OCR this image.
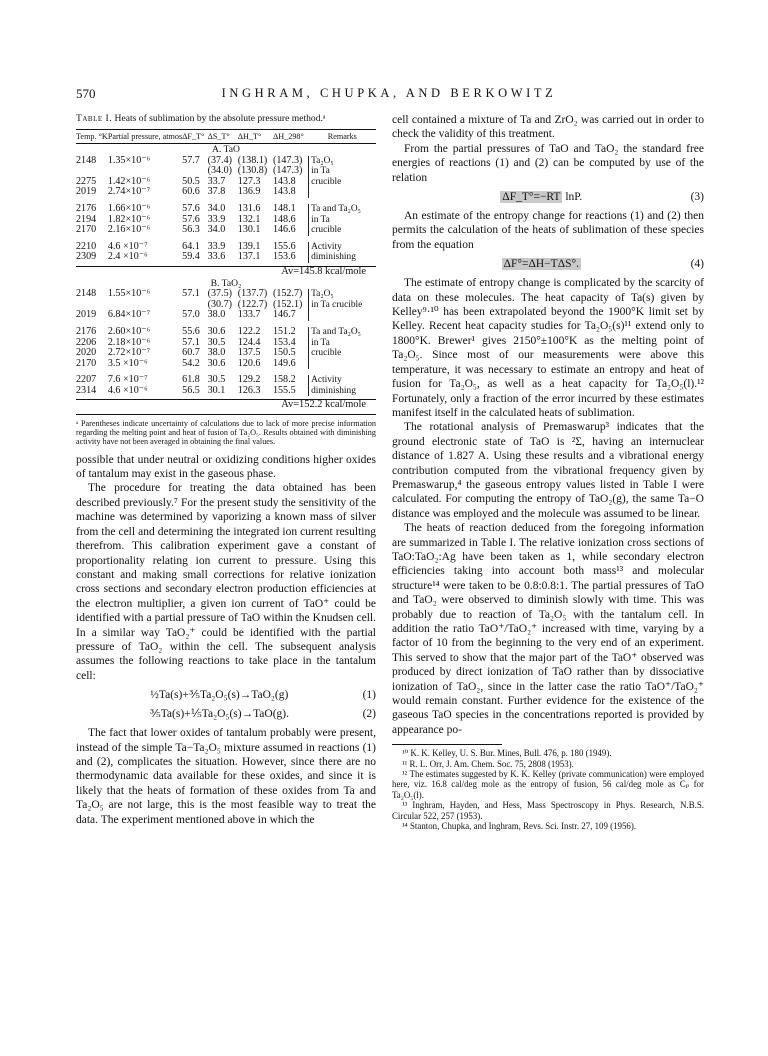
570	INGHRAM, CHUPKA, AND BERKOWITZ
Table I. Heats of sublimation by the absolute pressure method.ᵃ
Temp. °K	Partial pressure, atmos	ΔF_T°	ΔS_T°	ΔH_T°	ΔH_298°	Remarks
A. TaO						
2148	1.35×10⁻⁶	57.7	(37.4)	(138.1)	(147.3)	Ta₂O₅
			(34.0)	(130.8)	(147.3)	in Ta
2275	1.42×10⁻⁶	50.5	33.7	127.3	143.8	crucible
2019	2.74×10⁻⁷	60.6	37.8	136.9	143.8	

2176	1.66×10⁻⁶	57.6	34.0	131.6	148.1	Ta and Ta₂O₅
2194	1.82×10⁻⁶	57.6	33.9	132.1	148.6	in Ta
2170	2.16×10⁻⁶	56.3	34.0	130.1	146.6	crucible

2210	4.6 ×10⁻⁷	64.1	33.9	139.1	155.6	Activity
2309	2.4 ×10⁻⁶	59.4	33.6	137.1	153.6	diminishing

Av=145.8 kcal/mole						
B. TaO₂						
2148	1.55×10⁻⁶	57.1	(37.5)	(137.7)	(152.7)	Ta₂O₅
			(30.7)	(122.7)	(152.1)	in Ta crucible
2019	6.84×10⁻⁷	57.0	38.0	133.7	146.7	

2176	2.60×10⁻⁶	55.6	30.6	122.2	151.2	Ta and Ta₂O₅
2206	2.18×10⁻⁶	57.1	30.5	124.4	153.4	in Ta
2020	2.72×10⁻⁷	60.7	38.0	137.5	150.5	crucible
2170	3.5 ×10⁻⁶	54.2	30.6	120.6	149.6	

2207	7.6 ×10⁻⁷	61.8	30.5	129.2	158.2	Activity
2314	4.6 ×10⁻⁶	56.5	30.1	126.3	155.5	diminishing

Av=152.2 kcal/mole						

ᵃ Parentheses indicate uncertainty of calculations due to lack of more precise information regarding the melting point and heat of fusion of Ta₂O₅. Results obtained with diminishing activity have not been averaged in obtaining the final values.

possible that under neutral or oxidizing conditions higher oxides of tantalum may exist in the gaseous phase.

The procedure for treating the data obtained has been described previously.⁷ For the present study the sensitivity of the machine was determined by vaporizing a known mass of silver from the cell and determining the integrated ion current resulting therefrom. This calibration experiment gave a constant of proportionality relating ion current to pressure. Using this constant and making small corrections for relative ionization cross sections and secondary electron production efficiencies at the electron multiplier, a given ion current of TaO⁺ could be identified with a partial pressure of TaO within the Knudsen cell. In a similar way TaO₂⁺ could be identified with the partial pressure of TaO₂ within the cell. The subsequent analysis assumes the following reactions to take place in the tantalum cell:

½Ta(s)+⅗Ta₂O₅(s)→TaO₂(g)	(1)
⅗Ta(s)+⅕Ta₂O₅(s)→TaO(g).	(2)

The fact that lower oxides of tantalum probably were present, instead of the simple Ta−Ta₂O₅ mixture assumed in reactions (1) and (2), complicates the situation. However, since there are no thermodynamic data available for these oxides, and since it is likely that the heats of formation of these oxides from Ta and Ta₂O₅ are not large, this is the most feasible way to treat the data. The experiment mentioned above in which the

cell contained a mixture of Ta and ZrO₂ was carried out in order to check the validity of this treatment.

From the partial pressures of TaO and TaO₂ the standard free energies of reactions (1) and (2) can be computed by use of the relation

ΔF_T°=−RT lnP.	(3)

An estimate of the entropy change for reactions (1) and (2) then permits the calculation of the heats of sublimation of these species from the equation

ΔF°=ΔH−TΔS°.	(4)

The estimate of entropy change is complicated by the scarcity of data on these molecules. The heat capacity of Ta(s) given by Kelley⁹·¹⁰ has been extrapolated beyond the 1900°K limit set by Kelley. Recent heat capacity studies for Ta₂O₅(s)¹¹ extend only to 1800°K. Brewer¹ gives 2150°±100°K as the melting point of Ta₂O₅. Since most of our measurements were above this temperature, it was necessary to estimate an entropy and heat of fusion for Ta₂O₅, as well as a heat capacity for Ta₂O₅(l).¹² Fortunately, only a fraction of the error incurred by these estimates manifest itself in the calculated heats of sublimation.

The rotational analysis of Premaswarup³ indicates that the ground electronic state of TaO is ²Σ, having an internuclear distance of 1.827 A. Using these results and a vibrational energy contribution computed from the vibrational frequency given by Premaswarup,⁴ the gaseous entropy values listed in Table I were calculated. For computing the entropy of TaO₂(g), the same Ta−O distance was employed and the molecule was assumed to be linear.

The heats of reaction deduced from the foregoing information are summarized in Table I. The relative ionization cross sections of TaO:TaO₂:Ag have been taken as 1, while secondary electron efficiencies taking into account both mass¹³ and molecular structure¹⁴ were taken to be 0.8:0.8:1. The partial pressures of TaO and TaO₂ were observed to diminish slowly with time. This was probably due to reaction of Ta₂O₅ with the tantalum cell. In addition the ratio TaO⁺/TaO₂⁺ increased with time, varying by a factor of 10 from the beginning to the very end of an experiment. This served to show that the major part of the TaO⁺ observed was produced by direct ionization of TaO rather than by dissociative ionization of TaO₂, since in the latter case the ratio TaO⁺/TaO₂⁺ would remain constant. Further evidence for the existence of the gaseous TaO species in the concentrations reported is provided by appearance po-

¹⁰ K. K. Kelley, U. S. Bur. Mines, Bull. 476, p. 180 (1949).
¹¹ R. L. Orr, J. Am. Chem. Soc. 75, 2808 (1953).
¹² The estimates suggested by K. K. Kelley (private communication) were employed here, viz. 16.8 cal/deg mole as the entropy of fusion, 56 cal/deg mole as Cₚ for Ta₂O₅(l).
¹³ Inghram, Hayden, and Hess, Mass Spectroscopy in Phys. Research, N.B.S. Circular 522, 257 (1953).
¹⁴ Stanton, Chupka, and Inghram, Revs. Sci. Instr. 27, 109 (1956).
